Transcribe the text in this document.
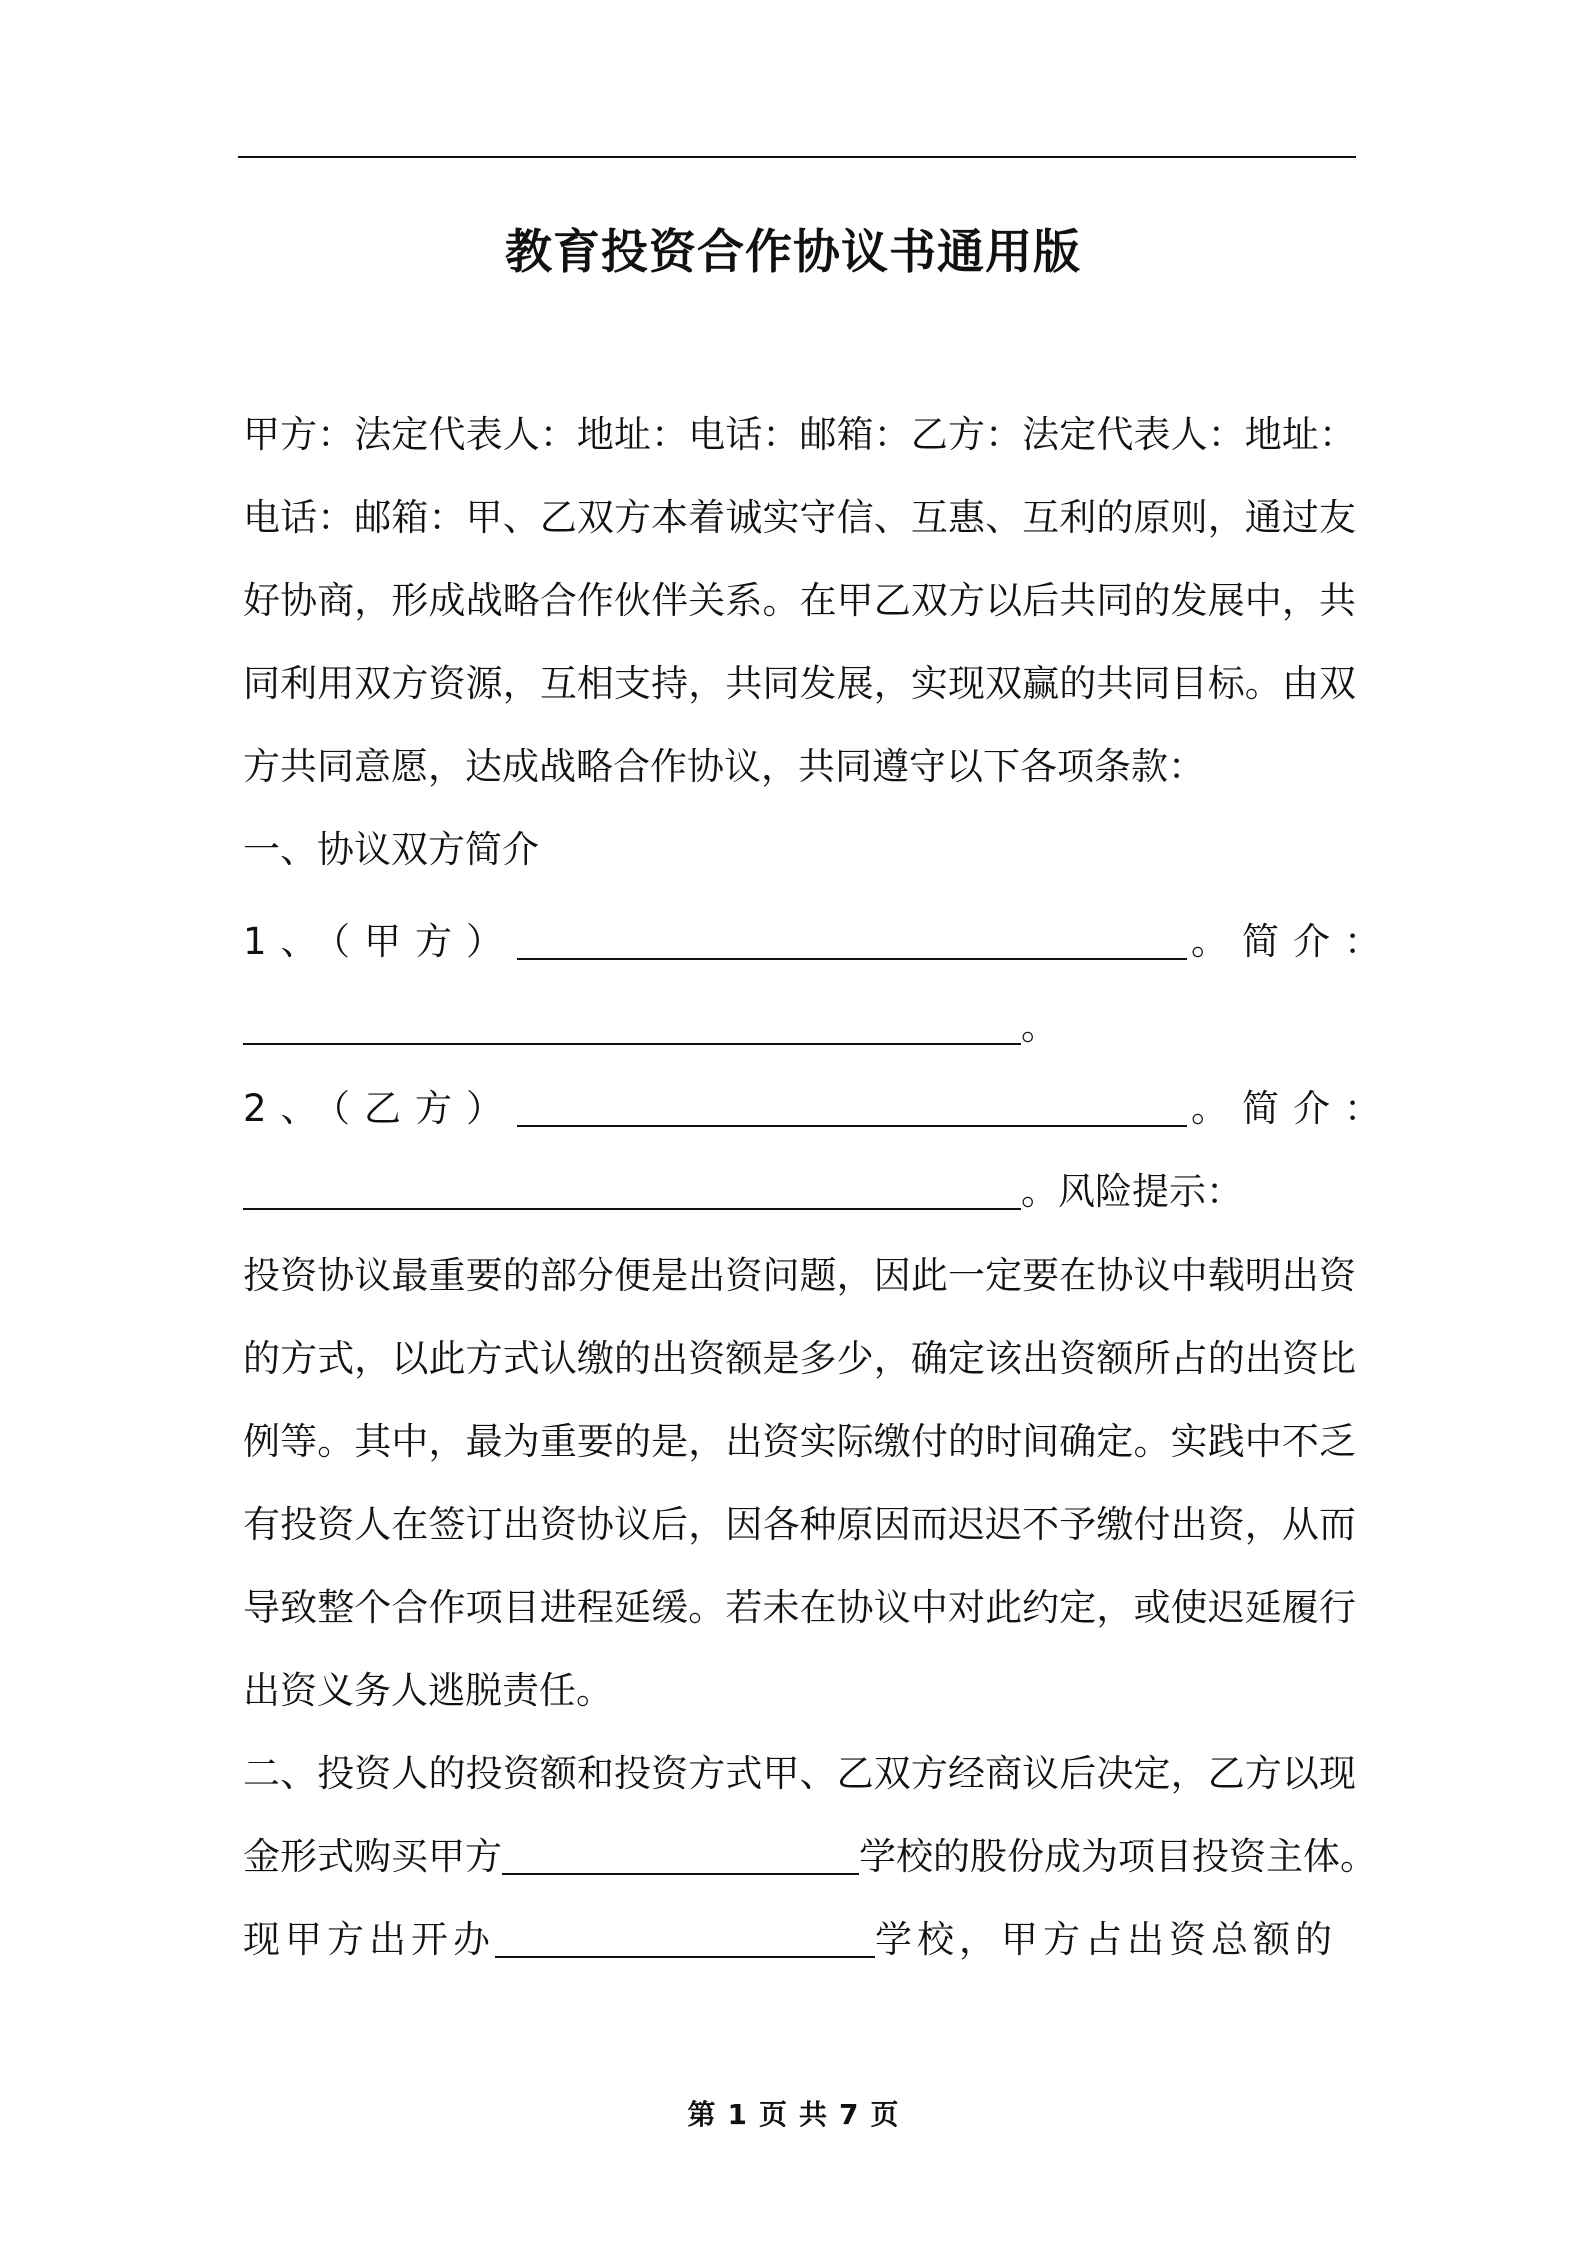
教育投资合作协议书通用版
甲方：法定代表人：地址：电话：邮箱：乙方：法定代表人：地址：
电话：邮箱：甲、乙双方本着诚实守信、互惠、互利的原则，通过友
好协商，形成战略合作伙伴关系。在甲乙双方以后共同的发展中，共
同利用双方资源，互相支持，共同发展，实现双赢的共同目标。由双
方共同意愿，达成战略合作协议，共同遵守以下各项条款：
一、协议双方简介
1、（甲方）	。简介：
。
2、（乙方）	。简介：
。风险提示：
投资协议最重要的部分便是出资问题，因此一定要在协议中载明出资
的方式，以此方式认缴的出资额是多少，确定该出资额所占的出资比
例等。其中，最为重要的是，出资实际缴付的时间确定。实践中不乏
有投资人在签订出资协议后，因各种原因而迟迟不予缴付出资，从而
导致整个合作项目进程延缓。若未在协议中对此约定，或使迟延履行
出资义务人逃脱责任。
二、投资人的投资额和投资方式甲、乙双方经商议后决定，乙方以现
金形式购买甲方	学校的股份成为项目投资主体。
现甲方出开办	学校，甲方占出资总额的
第 1 页 共 7 页
